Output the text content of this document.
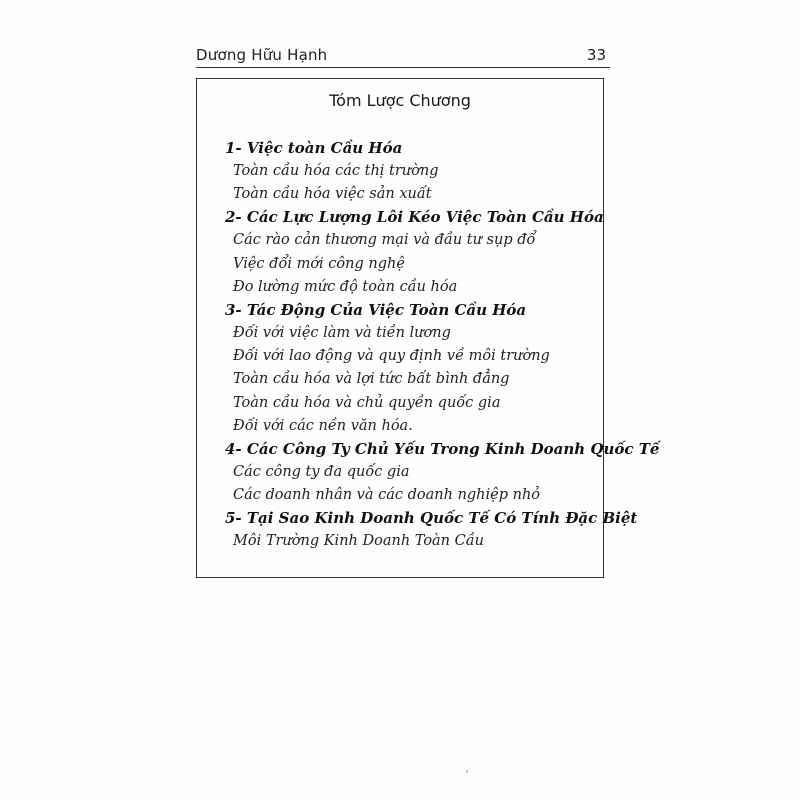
Dương Hữu Hạnh	33
Tóm Lược Chương
1- Việc toàn Cầu Hóa
Toàn cầu hóa các thị trường
Toàn cầu hóa việc sản xuất
2- Các Lực Lượng Lôi Kéo Việc Toàn Cầu Hóa
Các rào cản thương mại và đầu tư sụp đổ
Việc đổi mới công nghệ
Đo lường mức độ toàn cầu hóa
3- Tác Động Của Việc Toàn Cầu Hóa
Đối với việc làm và tiền lương
Đối với lao động và quy định về môi trường
Toàn cầu hóa và lợi tức bất bình đẳng
Toàn cầu hóa và chủ quyền quốc gia
Đối với các nền văn hóa.
4- Các Công Ty Chủ Yếu Trong Kinh Doanh Quốc Tế
Các công ty đa quốc gia
Các doanh nhân và các doanh nghiệp nhỏ
5- Tại Sao Kinh Doanh Quốc Tế Có Tính Đặc Biệt
Môi Trường Kinh Doanh Toàn Cầu
